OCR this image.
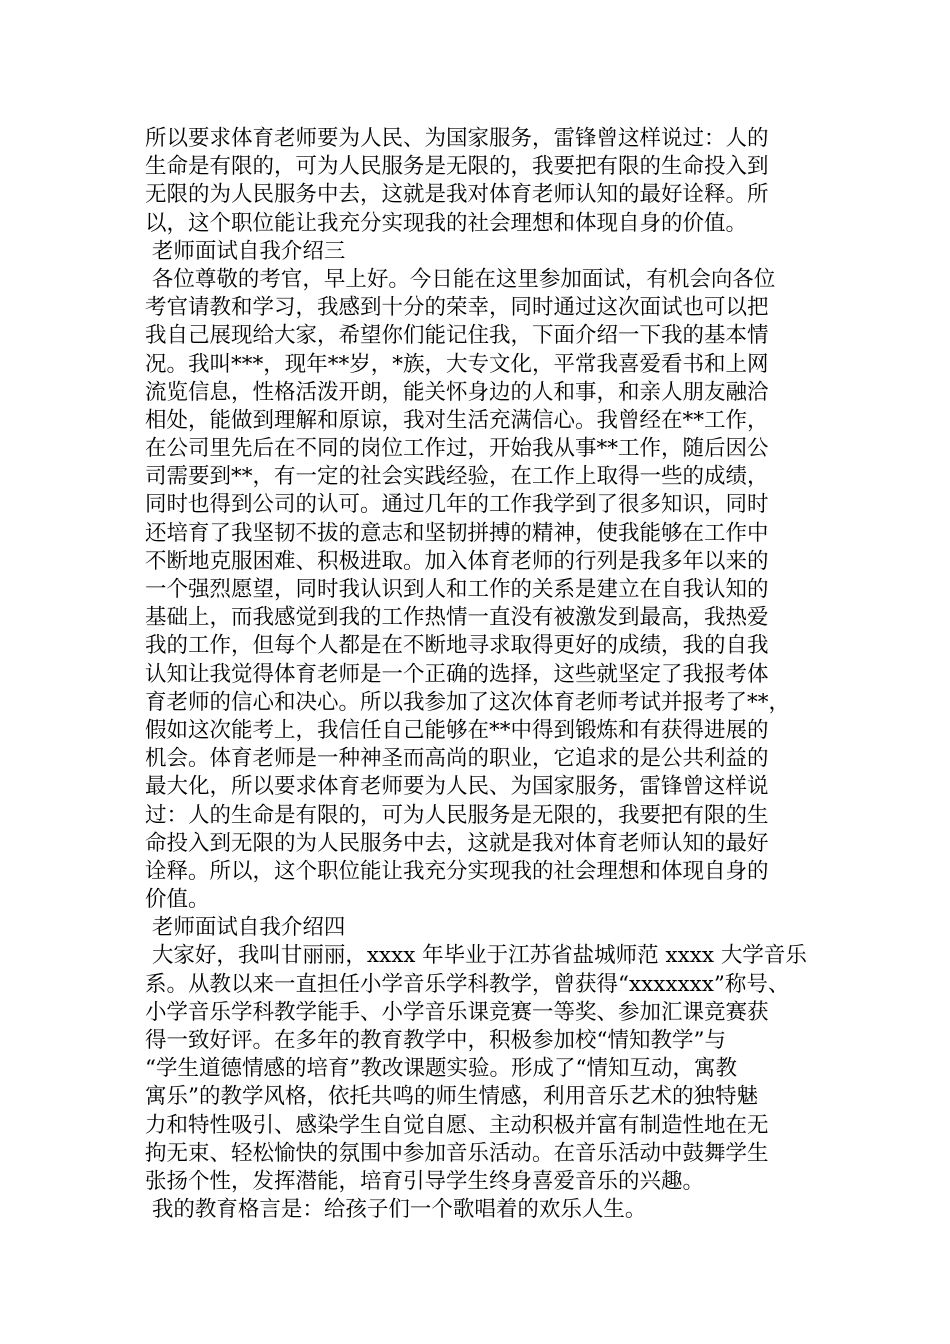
所以要求体育老师要为人民、为国家服务，雷锋曾这样说过：人的
生命是有限的，可为人民服务是无限的，我要把有限的生命投入到
无限的为人民服务中去，这就是我对体育老师认知的最好诠释。所
以，这个职位能让我充分实现我的社会理想和体现自身的价值。
老师面试自我介绍三
各位尊敬的考官，早上好。今日能在这里参加面试，有机会向各位
考官请教和学习，我感到十分的荣幸，同时通过这次面试也可以把
我自己展现给大家，希望你们能记住我，下面介绍一下我的基本情
况。我叫***，现年**岁，*族，大专文化，平常我喜爱看书和上网
流览信息，性格活泼开朗，能关怀身边的人和事，和亲人朋友融洽
相处，能做到理解和原谅，我对生活充满信心。我曾经在**工作，
在公司里先后在不同的岗位工作过，开始我从事**工作，随后因公
司需要到**，有一定的社会实践经验，在工作上取得一些的成绩，
同时也得到公司的认可。通过几年的工作我学到了很多知识，同时
还培育了我坚韧不拔的意志和坚韧拼搏的精神，使我能够在工作中
不断地克服困难、积极进取。加入体育老师的行列是我多年以来的
一个强烈愿望，同时我认识到人和工作的关系是建立在自我认知的
基础上，而我感觉到我的工作热情一直没有被激发到最高，我热爱
我的工作，但每个人都是在不断地寻求取得更好的成绩，我的自我
认知让我觉得体育老师是一个正确的选择，这些就坚定了我报考体
育老师的信心和决心。所以我参加了这次体育老师考试并报考了**，
假如这次能考上，我信任自己能够在**中得到锻炼和有获得进展的
机会。体育老师是一种神圣而高尚的职业，它追求的是公共利益的
最大化，所以要求体育老师要为人民、为国家服务，雷锋曾这样说
过：人的生命是有限的，可为人民服务是无限的，我要把有限的生
命投入到无限的为人民服务中去，这就是我对体育老师认知的最好
诠释。所以，这个职位能让我充分实现我的社会理想和体现自身的
价值。
老师面试自我介绍四
大家好，我叫甘丽丽，xxxx 年毕业于江苏省盐城师范 xxxx 大学音乐
系。从教以来一直担任小学音乐学科教学，曾获得“xxxxxxx”称号、
小学音乐学科教学能手、小学音乐课竞赛一等奖、参加汇课竞赛获
得一致好评。在多年的教育教学中，积极参加校“情知教学”与
“学生道德情感的培育”教改课题实验。形成了“情知互动，寓教
寓乐”的教学风格，依托共鸣的师生情感，利用音乐艺术的独特魅
力和特性吸引、感染学生自觉自愿、主动积极并富有制造性地在无
拘无束、轻松愉快的氛围中参加音乐活动。在音乐活动中鼓舞学生
张扬个性，发挥潜能，培育引导学生终身喜爱音乐的兴趣。
我的教育格言是：给孩子们一个歌唱着的欢乐人生。
